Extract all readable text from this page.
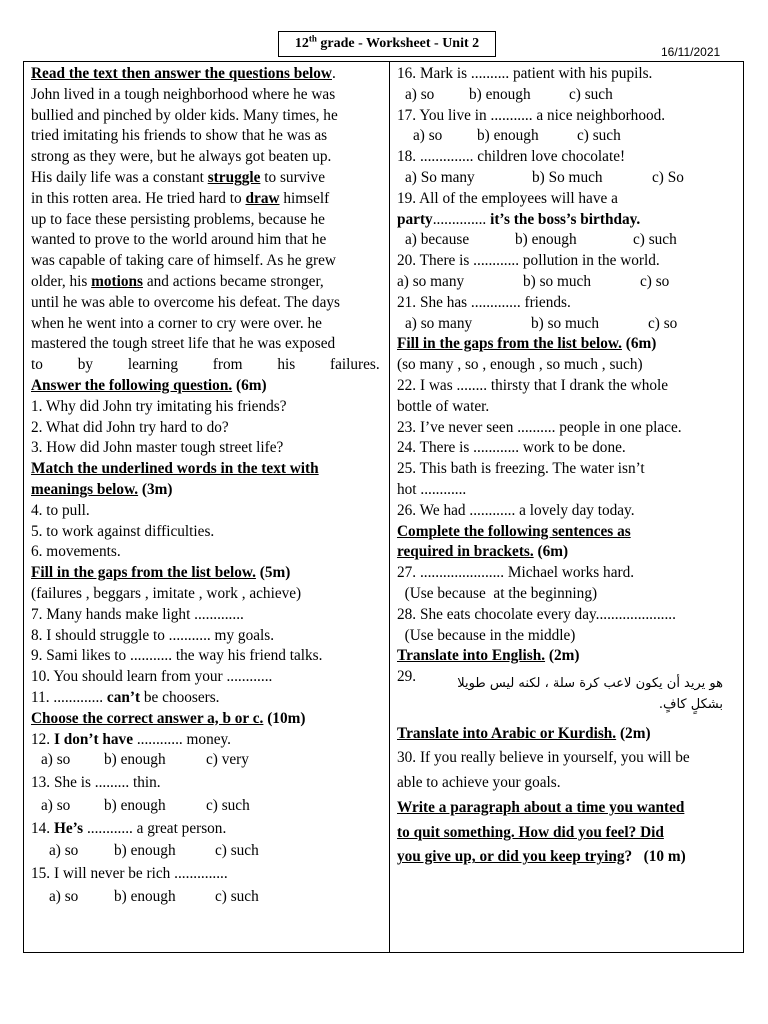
12th grade - Worksheet - Unit 2
16/11/2021
Read the text then answer the questions below.
John lived in a tough neighborhood where he was
bullied and pinched by older kids. Many times, he
tried imitating his friends to show that he was as
strong as they were, but he always got beaten up.
His daily life was a constant struggle to survive
in this rotten area. He tried hard to draw himself
up to face these persisting problems, because he
wanted to prove to the world around him that he
was capable of taking care of himself. As he grew
older, his motions and actions became stronger,
until he was able to overcome his defeat. The days
when he went into a corner to cry were over. he
mastered the tough street life that he was exposed
to by learning from his failures.
Answer the following question. (6m)
1. Why did John try imitating his friends?
2. What did John try hard to do?
3. How did John master tough street life?
Match the underlined words in the text with
meanings below. (3m)
4. to pull.
5. to work against difficulties.
6. movements.
Fill in the gaps from the list below. (5m)
(failures , beggars , imitate , work , achieve)
7. Many hands make light .............
8. I should struggle to ........... my goals.
9. Sami likes to ........... the way his friend talks.
10. You should learn from your ............
11. ............. can’t be choosers.
Choose the correct answer a, b or c. (10m)
12. I don’t have ............ money.
a) so b) enough	c) very
13. She is ......... thin.
a) so b) enough	c) such
14. He’s ............ a great person.
a) so b) enough	c) such
15. I will never be rich ..............
a) so b) enough	c) such
16. Mark is .......... patient with his pupils.
a) so b) enough	c) such
17. You live in ........... a nice neighborhood.
a) so b) enough	c) such
18. .............. children love chocolate!
a) So many	b) So much	c) So
19. All of the employees will have a
party.............. it’s the boss’s birthday.
a) because	b) enough	c) such
20. There is ............ pollution in the world.
a) so many	b) so much	c) so
21. She has ............. friends.
a) so many	b) so much	c) so
Fill in the gaps from the list below. (6m)
(so many , so , enough , so much , such)
22. I was ........ thirsty that I drank the whole
bottle of water.
23. I’ve never seen .......... people in one place.
24. There is ............ work to be done.
25. This bath is freezing. The water isn’t
hot ............
26. We had ............ a lovely day today.
Complete the following sentences as
required in brackets. (6m)
27. ...................... Michael works hard.
(Use because  at the beginning)
28. She eats chocolate every day.....................
(Use because in the middle)
Translate into English. (2m)
29.	هو يريد أن يكون لاعب كرة سلة ، لكنه ليس طويلا
بشكلٍ كافٍ.
Translate into Arabic or Kurdish. (2m)
30. If you really believe in yourself, you will be
able to achieve your goals.
Write a paragraph about a time you wanted
to quit something. How did you feel? Did
you give up, or did you keep trying?   (10 m)
